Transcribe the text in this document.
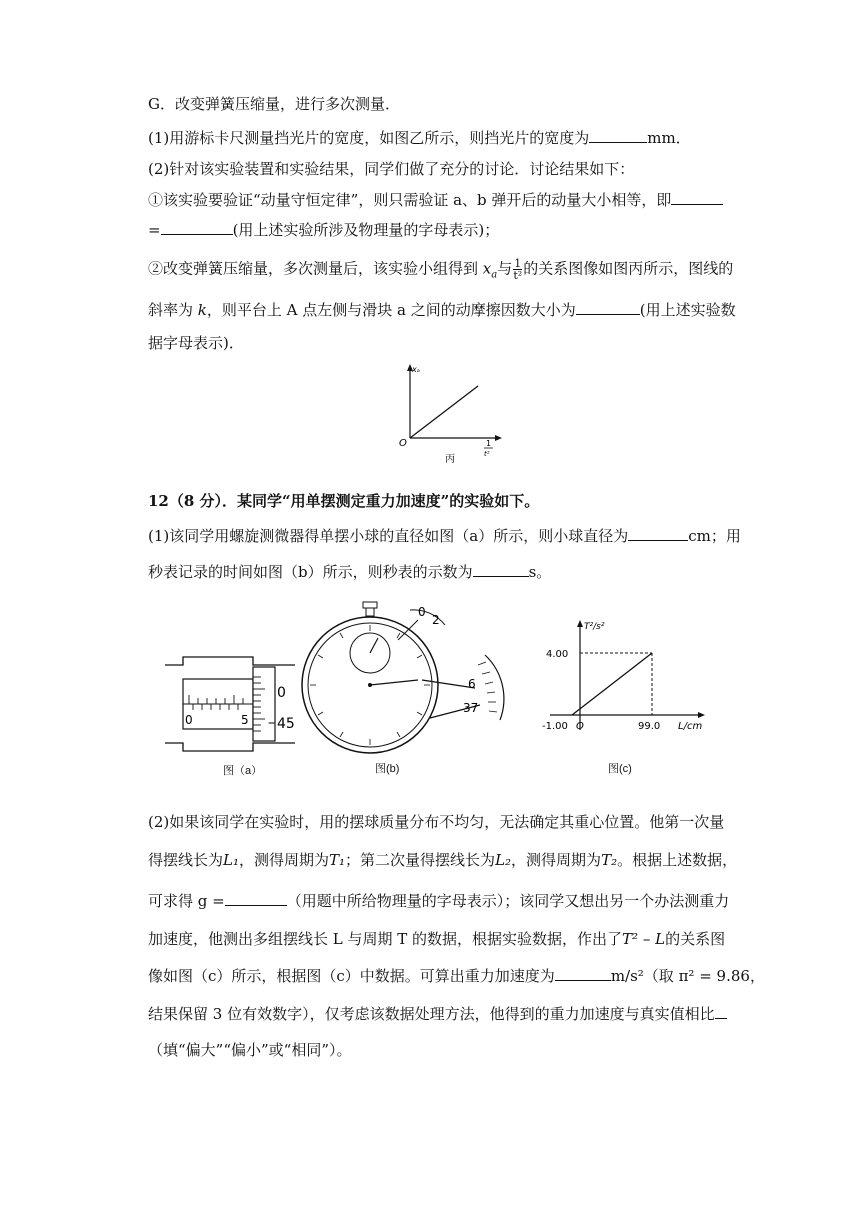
G．改变弹簧压缩量，进行多次测量．
(1)用游标卡尺测量挡光片的宽度，如图乙所示，则挡光片的宽度为	mm．
(2)针对该实验装置和实验结果，同学们做了充分的讨论．讨论结果如下：
①该实验要验证“动量守恒定律”，则只需验证 a、b 弹开后的动量大小相等，即
=	(用上述实验所涉及物理量的字母表示)；
②改变弹簧压缩量，多次测量后，该实验小组得到 $x_a$与 $\frac{1}{\text{t²}}$ 的关系图像如图丙所示，图线的
斜率为 k，则平台上 A 点左侧与滑块 a 之间的动摩擦因数大小为	(用上述实验数
据字母表示)．
xₐ
O	1
t²
丙
12（8 分）．某同学“用单摆测定重力加速度”的实验如下。
(1)该同学用螺旋测微器得单摆小球的直径如图（a）所示，则小球直径为	cm；用
秒表记录的时间如图（b）所示，则秒表的示数为	s。
0	5
0
– 45
图（a）
0
2
6
37
图(b)
T²/s²
4.00
-1.00 O	99.0 L/cm
图(c)
(2)如果该同学在实验时，用的摆球质量分布不均匀，无法确定其重心位置。他第一次量
得摆线长为L₁，测得周期为T₁；第二次量得摆线长为L₂，测得周期为T₂。根据上述数据，
可求得 g =	（用题中所给物理量的字母表示）；该同学又想出另一个办法测重力
加速度，他测出多组摆线长 L 与周期 T 的数据，根据实验数据，作出了T² – L的关系图
像如图（c）所示，根据图（c）中数据。可算出重力加速度为	m/s²（取 π² = 9.86，
结果保留 3 位有效数字），仅考虑该数据处理方法，他得到的重力加速度与真实值相比
（填“偏大”“偏小”或“相同”）。
